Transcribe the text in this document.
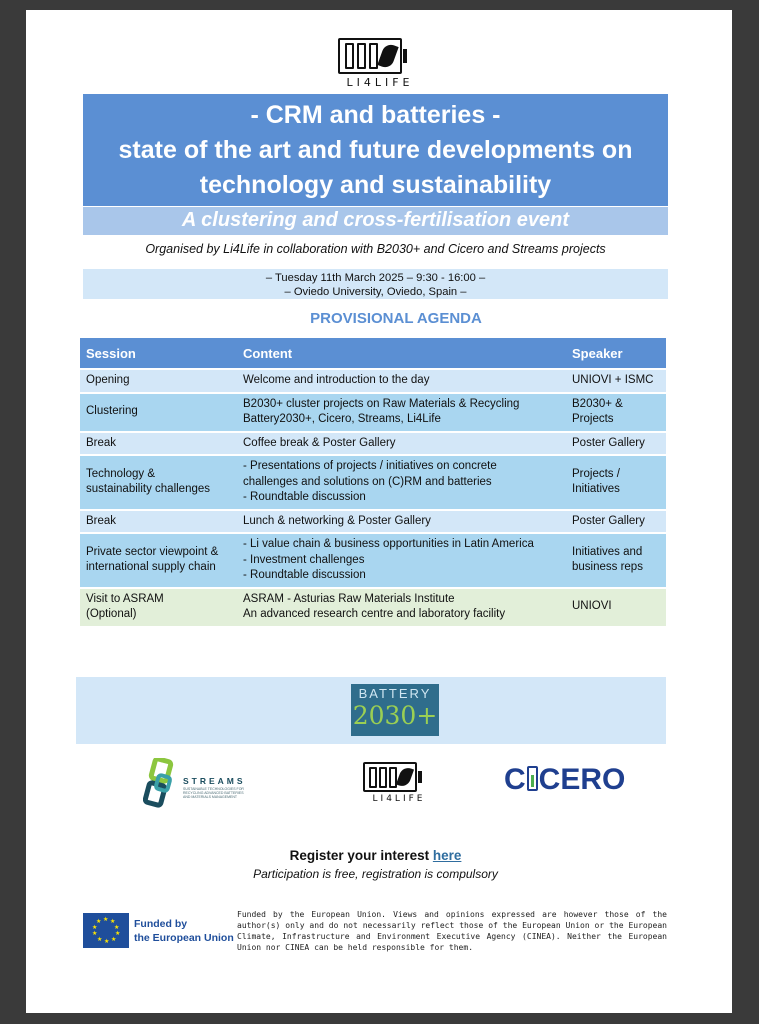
LI4LIFE
- CRM and batteries -
state of the art and future developments on
technology and sustainability
A clustering and cross-fertilisation event
Organised by Li4Life in collaboration with B2030+ and Cicero and Streams projects
– Tuesday 11th March 2025 – 9:30 - 16:00 –
– Oviedo University, Oviedo, Spain –
PROVISIONAL AGENDA
Session	Content	Speaker

Opening	Welcome and introduction to the day	UNIOVI + ISMC

Clustering	B2030+ cluster projects on Raw Materials & Recycling
Battery2030+, Cicero, Streams, Li4Life	B2030+ &
Projects

Break	Coffee break & Poster Gallery	Poster Gallery

Technology &
sustainability challenges	- Presentations of projects / initiatives on concrete
challenges and solutions on (C)RM and batteries
- Roundtable discussion	Projects /
Initiatives

Break	Lunch & networking & Poster Gallery	Poster Gallery

Private sector viewpoint &
international supply chain	- Li value chain & business opportunities in Latin America
- Investment challenges
- Roundtable discussion	Initiatives and
business reps

Visit to ASRAM
(Optional)	ASRAM - Asturias Raw Materials Institute
An advanced research centre and laboratory facility	UNIOVI
BATTERY
2030+
STREAMS
SUSTAINABLE TECHNOLOGIES FOR RECYCLING ADVANCED BATTERIES AND MATERIALS MANAGEMENT	LI4LIFE
C CERO
Register your interest here
Participation is free, registration is compulsory
★ ★
★
★
★
★
★
★
★
★	Funded by
the European Union
Funded by the European Union. Views and opinions expressed are however those of the author(s) only and do not necessarily reflect those of the European Union or the European Climate, Infrastructure and Environment Executive Agency (CINEA). Neither the European Union nor CINEA can be held responsible for them.
